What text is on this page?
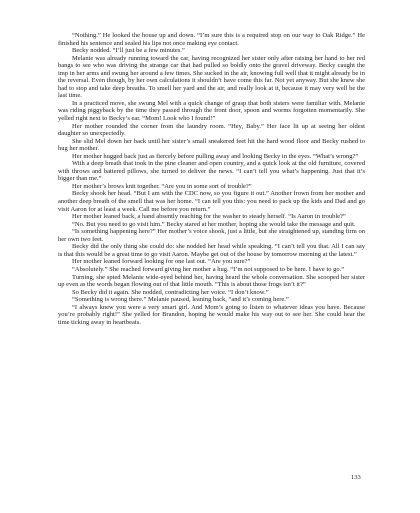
“Nothing.” He looked the house up and down. “I’m sure this is a required stop on our way to Oak Ridge.” He finished his sentence and sealed his lips not once making eye contact.

Becky nodded. “I’ll just be a few minutes.”

Melanie was already running toward the car, having recognized her sister only after raising her hand to her red bangs to see who was driving the strange car that had pulled so boldly onto the gravel driveway. Becky caught the imp in her arms and swung her around a few times. She sucked in the air, knowing full well that it might already be in the reversal. Even though, by her own calculations it shouldn’t have come this far. Not yet anyway. But she knew she had to stop and take deep breaths. To smell her yard and the air, and really look at it, because it may very well be the last time.

In a practiced move, she swung Mel with a quick change of grasp that both sisters were familiar with. Melanie was riding piggyback by the time they passed through the front door, spoon and worms forgotten momentarily. She yelled right next to Becky’s ear. “Mom! Look who I found!”

Her mother rounded the corner from the laundry room. “Hey, Baby.” Her face lit up at seeing her oldest daughter so unexpectedly.

She slid Mel down her back until her sister’s small sneakered feet hit the hard wood floor and Becky rushed to hug her mother.

Her mother hugged back just as fiercely before pulling away and looking Becky in the eyes. “What’s wrong?”

With a deep breath that took in the pine cleaner and open country, and a quick look at the old furniture, covered with throws and battered pillows, she turned to deliver the news. “I can’t tell you what’s happening. Just that it’s bigger than me.”

Her mother’s brows knit together. “Are you in some sort of trouble?”

Becky shook her head. “But I am with the CDC now, so you figure it out.” Another frown from her mother and another deep breath of the smell that was her home. “I can tell you this: you need to pack up the kids and Dad and go visit Aaron for at least a week. Call me before you return.”

Her mother leaned back, a hand absently reaching for the washer to steady herself. “Is Aaron in trouble?”

“No. But you need to go visit him.” Becky stared at her mother, hoping she would take the message and quit.

“Is something happening here?” Her mother’s voice shook, just a little, but she straightened up, standing firm on her own two feet.

Becky did the only thing she could do: she nodded her head while speaking. “I can’t tell you that. All I can say is that this would be a great time to go visit Aaron. Maybe get out of the house by tomorrow morning at the latest.”

Her mother leaned forward looking for one last out. “Are you sure?”

“Absolutely.” She reached forward giving her mother a hug. “I’m not supposed to be here. I have to go.”

Turning, she spied Melanie wide-eyed behind her, having heard the whole conversation. She scooped her sister up even as the words began flowing out of that little mouth. “This is about those frogs isn’t it?”

So Becky did it again. She nodded, contradicting her voice. “I don’t know.”

“Something is wrong there.” Melanie paused, leaning back, “and it’s coming here.”

“I always knew you were a very smart girl. And Mom’s going to listen to whatever ideas you have. Because you’re probably right!” She yelled for Brandon, hoping he would make his way out to see her. She could hear the time ticking away in heartbeats.

133
